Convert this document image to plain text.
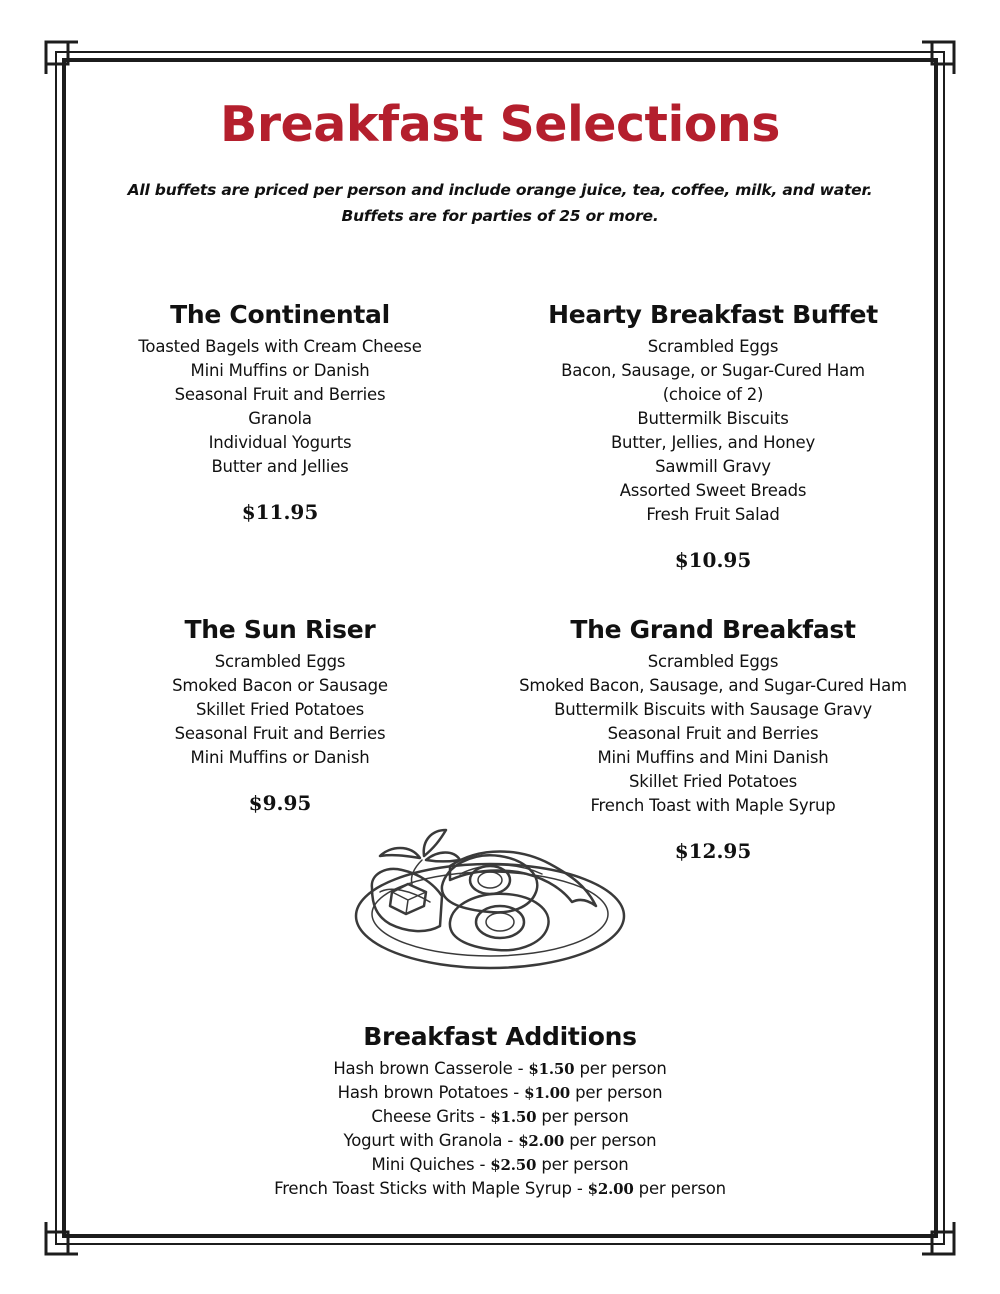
Breakfast Selections
All buffets are priced per person and include orange juice, tea, coffee, milk, and water.
Buffets are for parties of 25 or more.
The Continental
Toasted Bagels with Cream Cheese
Mini Muffins or Danish
Seasonal Fruit and Berries
Granola
Individual Yogurts
Butter and Jellies
$11.95
Hearty Breakfast Buffet
Scrambled Eggs
Bacon, Sausage, or Sugar-Cured Ham
(choice of 2)
Buttermilk Biscuits
Butter, Jellies, and Honey
Sawmill Gravy
Assorted Sweet Breads
Fresh Fruit Salad
$10.95
The Sun Riser
Scrambled Eggs
Smoked Bacon or Sausage
Skillet Fried Potatoes
Seasonal Fruit and Berries
Mini Muffins or Danish
$9.95
The Grand Breakfast
Scrambled Eggs
Smoked Bacon, Sausage, and Sugar-Cured Ham
Buttermilk Biscuits with Sausage Gravy
Seasonal Fruit and Berries
Mini Muffins and Mini Danish
Skillet Fried Potatoes
French Toast with Maple Syrup
$12.95
Breakfast Additions
Hash brown Casserole - $1.50 per person
Hash brown Potatoes - $1.00 per person
Cheese Grits - $1.50 per person
Yogurt with Granola - $2.00 per person
Mini Quiches - $2.50 per person
French Toast Sticks with Maple Syrup - $2.00 per person
